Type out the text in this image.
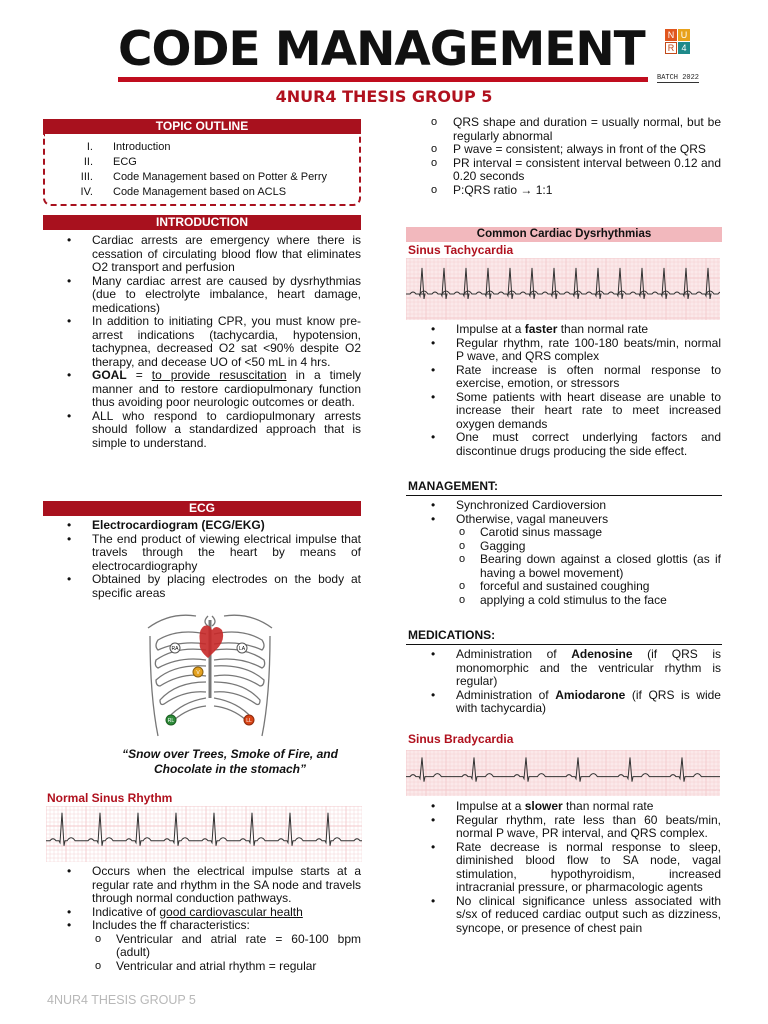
CODE MANAGEMENT
4NUR4 THESIS GROUP 5
N U
R 4
BATCH 2022
TOPIC OUTLINE
I. Introduction
II. ECG
III. Code Management based on Potter & Perry
IV. Code Management based on ACLS
INTRODUCTION
• Cardiac arrests are emergency where there is cessation of circulating blood flow that eliminates O2 transport and perfusion
• Many cardiac arrest are caused by dysrhythmias (due to electrolyte imbalance, heart damage, medications)
• In addition to initiating CPR, you must know pre-arrest indications (tachycardia, hypotension, tachypnea, decreased O2 sat <90% despite O2 therapy, and decease UO of <50 mL in 4 hrs.
• GOAL = to provide resuscitation in a timely manner and to restore cardiopulmonary function thus avoiding poor neurologic outcomes or death.
• ALL who respond to cardiopulmonary arrests should follow a standardized approach that is simple to understand.
ECG
• Electrocardiogram (ECG/EKG)
• The end product of viewing electrical impulse that travels through the heart by means of electrocardiography
• Obtained by placing electrodes on the body at specific areas
RA	LA
V
RL	LL
“Snow over Trees, Smoke of Fire, and Chocolate in the stomach”
Normal Sinus Rhythm
• Occurs when the electrical impulse starts at a regular rate and rhythm in the SA node and travels through normal conduction pathways.
• Indicative of good cardiovascular health
• Includes the ff characteristics:
o Ventricular and atrial rate = 60-100 bpm (adult)
o Ventricular and atrial rhythm = regular
o QRS shape and duration = usually normal, but be regularly abnormal
o P wave = consistent; always in front of the QRS
o PR interval = consistent interval between 0.12 and 0.20 seconds
o P:QRS ratio → 1:1
Common Cardiac Dysrhythmias
Sinus Tachycardia
• Impulse at a faster than normal rate
• Regular rhythm, rate 100-180 beats/min, normal P wave, and QRS complex
• Rate increase is often normal response to exercise, emotion, or stressors
• Some patients with heart disease are unable to increase their heart rate to meet increased oxygen demands
• One must correct underlying factors and discontinue drugs producing the side effect.
MANAGEMENT:
• Synchronized Cardioversion
• Otherwise, vagal maneuvers
o Carotid sinus massage
o Gagging
o Bearing down against a closed glottis (as if having a bowel movement)
o forceful and sustained coughing
o applying a cold stimulus to the face
MEDICATIONS:
• Administration of Adenosine (if QRS is monomorphic and the ventricular rhythm is regular)
• Administration of Amiodarone (if QRS is wide with tachycardia)
Sinus Bradycardia
• Impulse at a slower than normal rate
• Regular rhythm, rate less than 60 beats/min, normal P wave, PR interval, and QRS complex.
• Rate decrease is normal response to sleep, diminished blood flow to SA node, vagal stimulation, hypothyroidism, increased intracranial pressure, or pharmacologic agents
• No clinical significance unless associated with s/sx of reduced cardiac output such as dizziness, syncope, or presence of chest pain
4NUR4 THESIS GROUP 5
